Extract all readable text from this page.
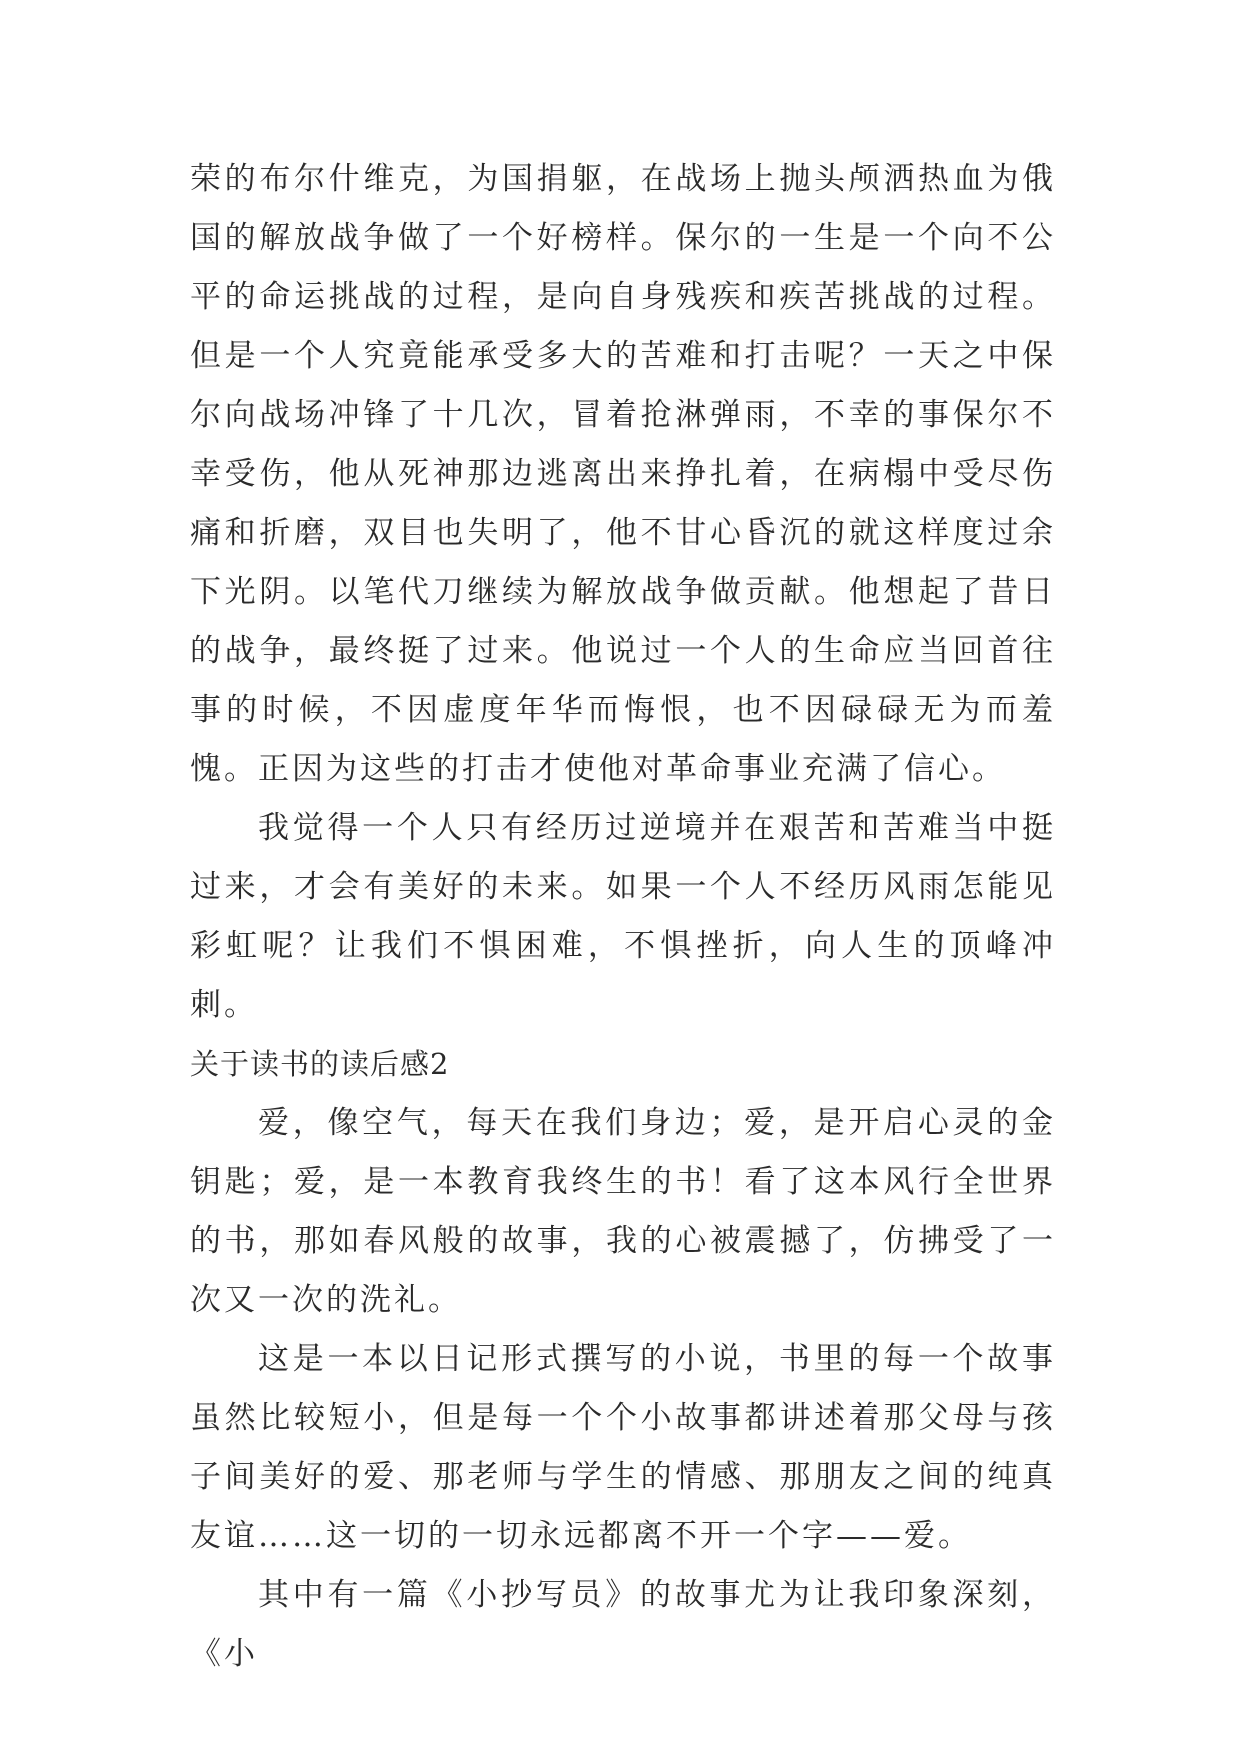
荣的布尔什维克，为国捐躯，在战场上抛头颅洒热血为俄国的解放战争做了一个好榜样。保尔的一生是一个向不公平的命运挑战的过程，是向自身残疾和疾苦挑战的过程。但是一个人究竟能承受多大的苦难和打击呢？一天之中保尔向战场冲锋了十几次，冒着抢淋弹雨，不幸的事保尔不幸受伤，他从死神那边逃离出来挣扎着，在病榻中受尽伤痛和折磨，双目也失明了，他不甘心昏沉的就这样度过余下光阴。以笔代刀继续为解放战争做贡献。他想起了昔日的战争，最终挺了过来。他说过一个人的生命应当回首往事的时候，不因虚度年华而悔恨，也不因碌碌无为而羞愧。正因为这些的打击才使他对革命事业充满了信心。

我觉得一个人只有经历过逆境并在艰苦和苦难当中挺过来，才会有美好的未来。如果一个人不经历风雨怎能见彩虹呢？让我们不惧困难，不惧挫折，向人生的顶峰冲刺。

关于读书的读后感2

爱，像空气，每天在我们身边；爱，是开启心灵的金钥匙；爱，是一本教育我终生的书！看了这本风行全世界的书，那如春风般的故事，我的心被震撼了，仿拂受了一次又一次的洗礼。

这是一本以日记形式撰写的小说，书里的每一个故事虽然比较短小，但是每一个个小故事都讲述着那父母与孩子间美好的爱、那老师与学生的情感、那朋友之间的纯真友谊……这一切的一切永远都离不开一个字——爱。

其中有一篇《小抄写员》的故事尤为让我印象深刻，《小
